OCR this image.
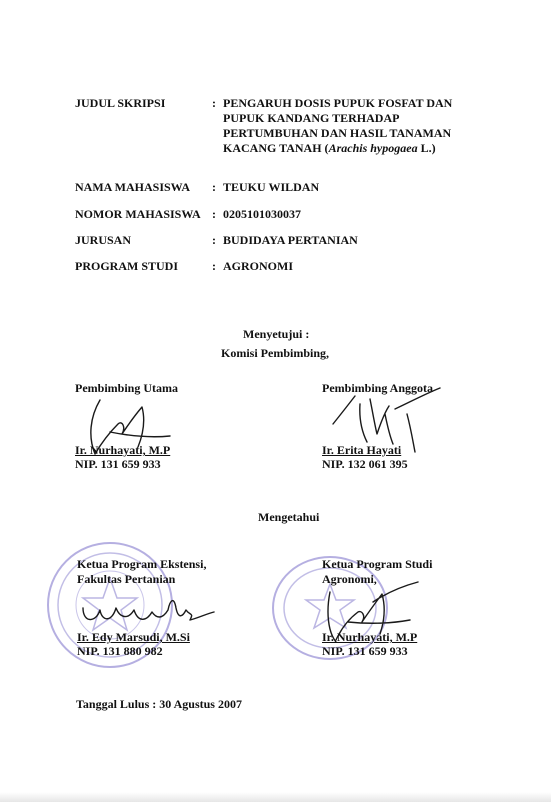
JUDUL SKRIPSI	: PENGARUH DOSIS PUPUK FOSFAT DAN
PUPUK KANDANG TERHADAP
PERTUMBUHAN DAN HASIL TANAMAN
KACANG TANAH (Arachis hypogaea L.)
NAMA MAHASISWA : TEUKU WILDAN
NOMOR MAHASISWA : 0205101030037
JURUSAN	: BUDIDAYA PERTANIAN
PROGRAM STUDI	: AGRONOMI
Menyetujui :
Komisi Pembimbing,
Pembimbing Utama
Ir. Nurhayati, M.P
NIP. 131 659 933
Pembimbing Anggota
Ir. Erita Hayati
NIP. 132 061 395
Mengetahui
Ketua Program Ekstensi,
Fakultas Pertanian
Ir. Edy Marsudi, M.Si
NIP. 131 880 982
Ketua Program Studi
Agronomi,
Ir. Nurhayati, M.P
NIP. 131 659 933
Tanggal Lulus : 30 Agustus 2007
